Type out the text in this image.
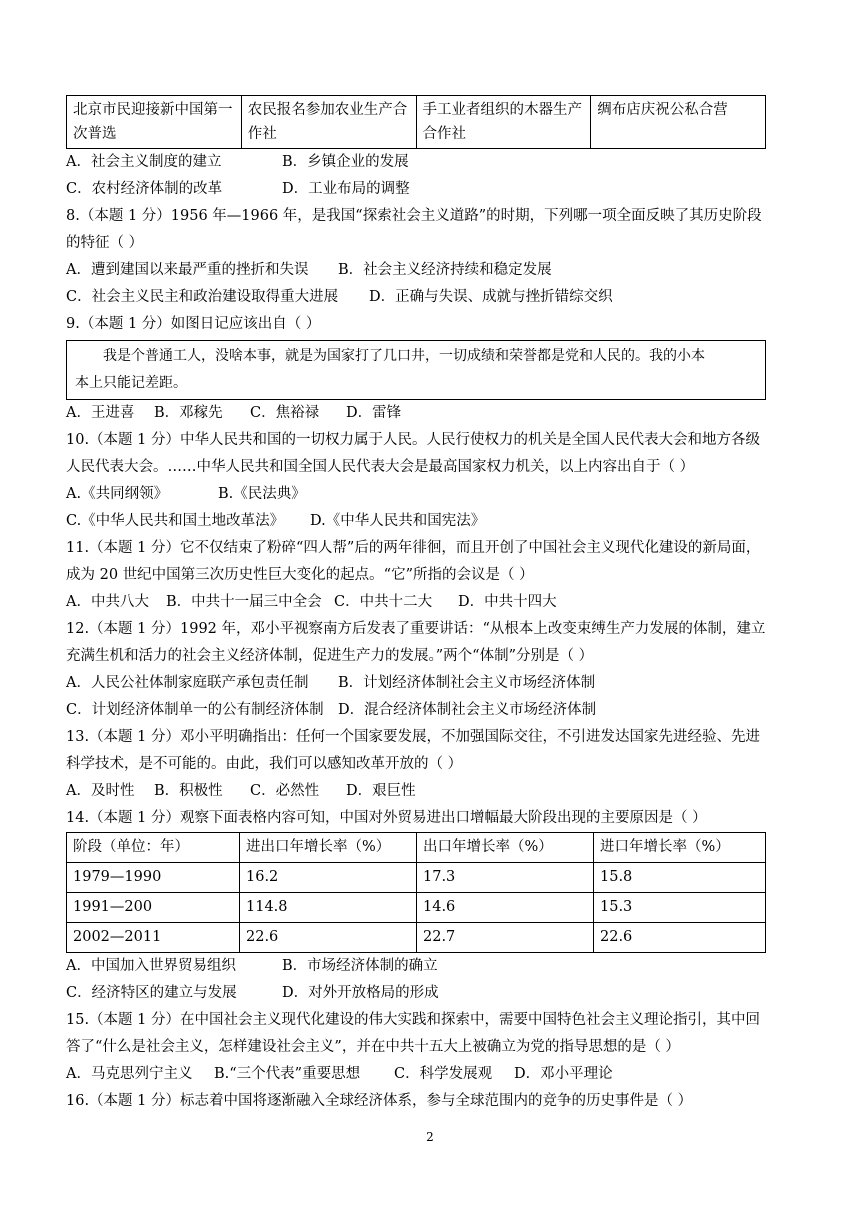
北京市民迎接新中国第一次普选	农民报名参加农业生产合作社	手工业者组织的木器生产合作社	绸布店庆祝公私合营
A．社会主义制度的建立	B．乡镇企业的发展
C．农村经济体制的改革	D．工业布局的调整
8.（本题 1 分）1956 年—1966 年，是我国“探索社会主义道路”的时期，下列哪一项全面反映了其历史阶段
的特征（ ）
A．遭到建国以来最严重的挫折和失误 B．社会主义经济持续和稳定发展
C．社会主义民主和政治建设取得重大进展 D．正确与失误、成就与挫折错综交织
9.（本题 1 分）如图日记应该出自（ ）
我是个普通工人，没啥本事，就是为国家打了几口井，一切成绩和荣誉都是党和人民的。我的小本
本上只能记差距。
A．王进喜 B．邓稼先 C．焦裕禄 D．雷锋
10.（本题 1 分）中华人民共和国的一切权力属于人民。人民行使权力的机关是全国人民代表大会和地方各级
人民代表大会。……中华人民共和国全国人民代表大会是最高国家权力机关，以上内容出自于（ ）
A.《共同纲领》	B.《民法典》
C.《中华人民共和国土地改革法》 D.《中华人民共和国宪法》
11.（本题 1 分）它不仅结束了粉碎“四人帮”后的两年徘徊，而且开创了中国社会主义现代化建设的新局面，
成为 20 世纪中国第三次历史性巨大变化的起点。“它”所指的会议是（ ）
A．中共八大 B．中共十一届三中全会 C．中共十二大 D．中共十四大
12.（本题 1 分）1992 年，邓小平视察南方后发表了重要讲话：“从根本上改变束缚生产力发展的体制，建立
充满生机和活力的社会主义经济体制，促进生产力的发展。”两个“体制”分别是（ ）
A．人民公社体制家庭联产承包责任制 B．计划经济体制社会主义市场经济体制
C．计划经济体制单一的公有制经济体制 D．混合经济体制社会主义市场经济体制
13.（本题 1 分）邓小平明确指出：任何一个国家要发展，不加强国际交往，不引进发达国家先进经验、先进
科学技术，是不可能的。由此，我们可以感知改革开放的（ ）
A．及时性 B．积极性 C．必然性 D．艰巨性
14.（本题 1 分）观察下面表格内容可知，中国对外贸易进出口增幅最大阶段出现的主要原因是（ ）
阶段（单位：年）	进出口年增长率（%）	出口年增长率（%）	进口年增长率（%）
1979—1990	16.2	17.3	15.8
1991—200	114.8	14.6	15.3
2002—2011	22.6	22.7	22.6
A．中国加入世界贸易组织	B．市场经济体制的确立
C．经济特区的建立与发展	D．对外开放格局的形成
15.（本题 1 分）在中国社会主义现代化建设的伟大实践和探索中，需要中国特色社会主义理论指引，其中回
答了“什么是社会主义，怎样建设社会主义”，并在中共十五大上被确立为党的指导思想的是（ ）
A．马克思列宁主义 B.“三个代表”重要思想 C．科学发展观 D．邓小平理论
16.（本题 1 分）标志着中国将逐渐融入全球经济体系，参与全球范围内的竞争的历史事件是（ ）
2
